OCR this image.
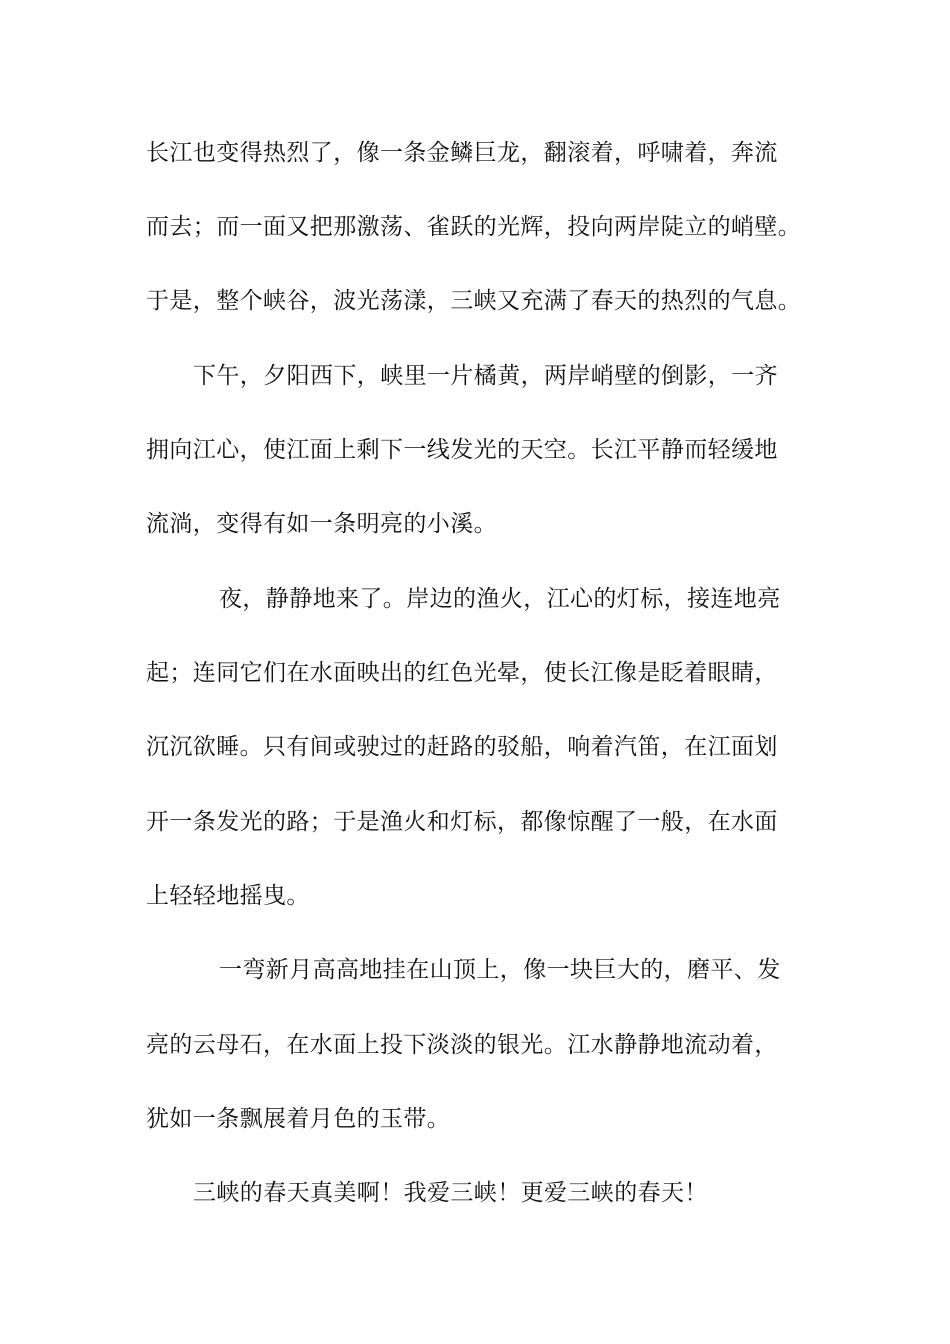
长江也变得热烈了，像一条金鳞巨龙，翻滚着，呼啸着，奔流
而去；而一面又把那激荡、雀跃的光辉，投向两岸陡立的峭壁。
于是，整个峡谷，波光荡漾，三峡又充满了春天的热烈的气息。
下午，夕阳西下，峡里一片橘黄，两岸峭壁的倒影，一齐
拥向江心，使江面上剩下一线发光的天空。长江平静而轻缓地
流淌，变得有如一条明亮的小溪。
夜，静静地来了。岸边的渔火，江心的灯标，接连地亮
起；连同它们在水面映出的红色光晕，使长江像是眨着眼睛，
沉沉欲睡。只有间或驶过的赶路的驳船，响着汽笛，在江面划
开一条发光的路；于是渔火和灯标，都像惊醒了一般，在水面
上轻轻地摇曳。
一弯新月高高地挂在山顶上，像一块巨大的，磨平、发
亮的云母石，在水面上投下淡淡的银光。江水静静地流动着，
犹如一条飘展着月色的玉带。
三峡的春天真美啊！我爱三峡！更爱三峡的春天！
